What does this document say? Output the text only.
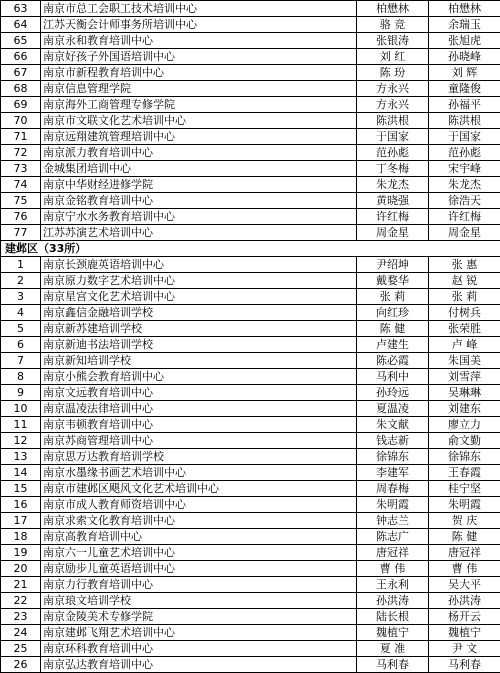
63	南京市总工会职工技术培训中心	柏懋林	柏懋林
64	江苏天衡会计师事务所培训中心	骆 竞	余瑞玉
65	南京永和教育培训中心	张银涛	张旭虎
66	南京好孩子外国语培训中心	刘 红	孙晓峰
67	南京市新程教育培训中心	陈 玢	刘 辉
68	南京信息管理学院	方永兴	童隆俊
69	南京海外工商管理专修学院	方永兴	孙福平
70	南京市文联文化艺术培训中心	陈洪根	陈洪根
71	南京远翔建筑管理培训中心	于国家	于国家
72	南京派力教育培训中心	范孙彪	范孙彪
73	金城集团培训中心	丁冬梅	宋宇峰
74	南京中华财经进修学院	朱龙杰	朱龙杰
75	南京金铭教育培训中心	黄晓强	徐浩天
76	南京宁水水务教育培训中心	许红梅	许红梅
77	江苏苏演艺术培训中心	周金星	周金星
建邺区（33所）			
1	南京长颈鹿英语培训中心	尹绍坤	张 惠
2	南京原力数字艺术培训中心	戴婺华	赵 锐
3	南京星宫文化艺术培训中心	张 莉	张 莉
4	南京鑫信金融培训学校	向红珍	付树兵
5	南京新苏建培训学校	陈 健	张荣胜
6	南京新迪书法培训学校	卢建生	卢 峰
7	南京新知培训学校	陈必霞	朱国美
8	南京小熊会教育培训中心	马利中	刘雪萍
9	南京文远教育培训中心	孙玲远	吴琳琳
10	南京温凌法律培训中心	夏温凌	刘建东
11	南京韦顿教育培训中心	朱文献	廖立力
12	南京苏商管理培训中心	钱志新	俞文勤
13	南京思万达教育培训学校	徐锦东	徐锦东
14	南京水墨缘书画艺术培训中心	李建军	王春霞
15	南京市建邺区飓风文化艺术培训中心	周春梅	桂宁坚
16	南京市成人教育师资培训中心	朱明霞	朱明霞
17	南京求索文化教育培训中心	钟志兰	贺 庆
18	南京高教育培训中心	陈志广	陈 健
19	南京六一儿童艺术培训中心	唐冠祥	唐冠祥
20	南京励步儿童英语培训中心	曹 伟	曹 伟
21	南京力行教育培训中心	王永利	吴大平
22	南京琅文培训学校	孙洪涛	孙洪涛
23	南京金陵美术专修学院	陆长根	杨开云
24	南京建邺飞翔艺术培训中心	魏植宁	魏植宁
25	南京环科教育培训中心	夏 准	尹 文
26	南京弘达教育培训中心	马利春	马利春
